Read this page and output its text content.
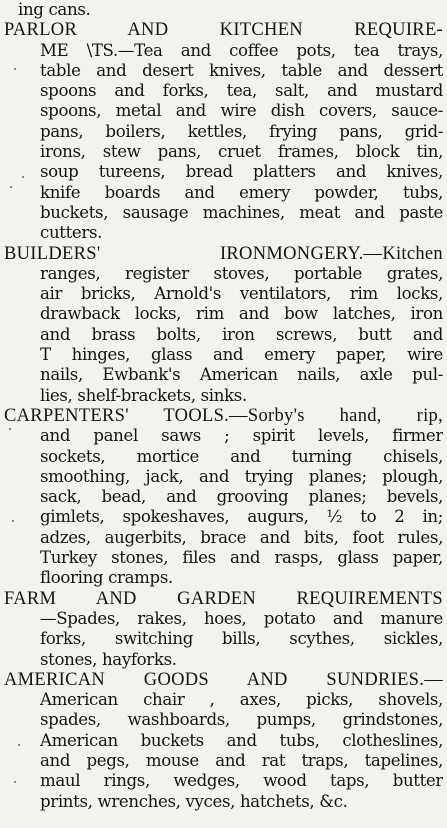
ing cans.
PARLOR AND KITCHEN REQUIRE-
ME \TS.—Tea and coffee pots, tea trays,
table and desert knives, table and dessert
spoons and forks, tea, salt, and mustard
spoons, metal and wire dish covers, sauce-
pans, boilers, kettles, frying pans, grid-
irons, stew pans, cruet frames, block tin,
soup tureens, bread platters and knives,
knife boards and emery powder, tubs,
buckets, sausage machines, meat and paste
cutters.
BUILDERS' IRONMONGERY.—Kitchen
ranges, register stoves, portable grates,
air bricks, Arnold's ventilators, rim locks,
drawback locks, rim and bow latches, iron
and brass bolts, iron screws, butt and
T hinges, glass and emery paper, wire
nails, Ewbank's American nails, axle pul-
lies, shelf-brackets, sinks.
CARPENTERS' TOOLS.—Sorby's hand, rip,
and panel saws ; spirit levels, firmer
sockets, mortice and turning chisels,
smoothing, jack, and trying planes; plough,
sack, bead, and grooving planes; bevels,
gimlets, spokeshaves, augurs, ½ to 2 in;
adzes, augerbits, brace and bits, foot rules,
Turkey stones, files and rasps, glass paper,
flooring cramps.
FARM AND GARDEN REQUIREMENTS
—Spades, rakes, hoes, potato and manure
forks, switching bills, scythes, sickles,
stones, hayforks.
AMERICAN GOODS AND SUNDRIES.—
American chair , axes, picks, shovels,
spades, washboards, pumps, grindstones,
American buckets and tubs, clotheslines,
and pegs, mouse and rat traps, tapelines,
maul rings, wedges, wood taps, butter
prints, wrenches, vyces, hatchets, &c.
